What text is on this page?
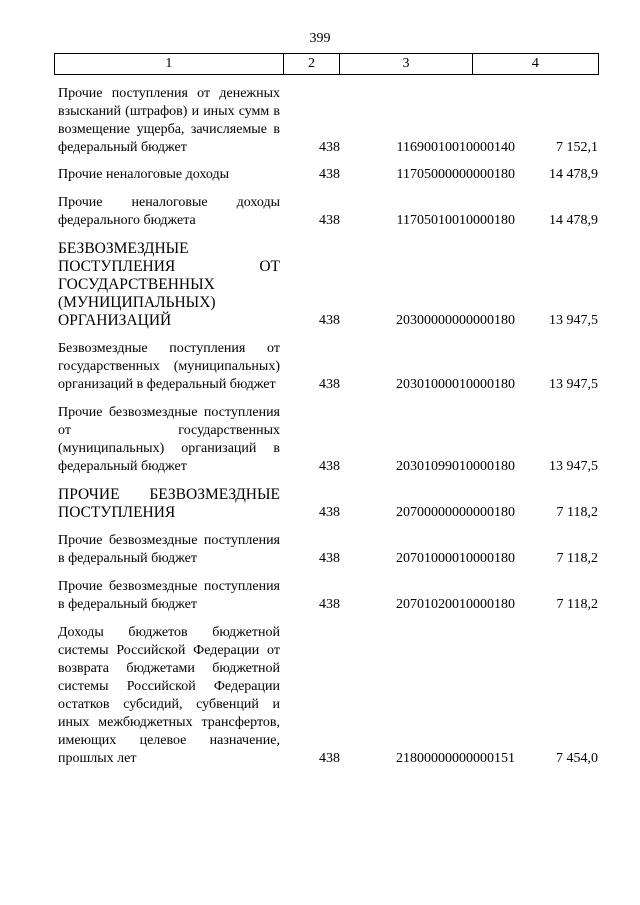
399
1	2	3	4
Прочие поступления от денежных взысканий (штрафов) и иных сумм в возмещение ущерба, зачисляемые в федеральный бюджет	438	11690010010000140	7 152,1
Прочие неналоговые доходы	438	11705000000000180	14 478,9
Прочие неналоговые доходы федерального бюджета	438	11705010010000180	14 478,9
БЕЗВОЗМЕЗДНЫЕ ПОСТУПЛЕНИЯ ОТ ГОСУДАРСТВЕННЫХ (МУНИЦИПАЛЬНЫХ) ОРГАНИЗАЦИЙ	438	20300000000000180	13 947,5
Безвозмездные поступления от государственных (муниципальных) организаций в федеральный бюджет	438	20301000010000180	13 947,5
Прочие безвозмездные поступления от государственных (муниципальных) организаций в федеральный бюджет	438	20301099010000180	13 947,5
ПРОЧИЕ БЕЗВОЗМЕЗДНЫЕ ПОСТУПЛЕНИЯ	438	20700000000000180	7 118,2
Прочие безвозмездные поступления в федеральный бюджет	438	20701000010000180	7 118,2
Прочие безвозмездные поступления в федеральный бюджет	438	20701020010000180	7 118,2
Доходы бюджетов бюджетной системы Российской Федерации от возврата бюджетами бюджетной системы Российской Федерации остатков субсидий, субвенций и иных межбюджетных трансфертов, имеющих целевое назначение, прошлых лет	438	21800000000000151	7 454,0
